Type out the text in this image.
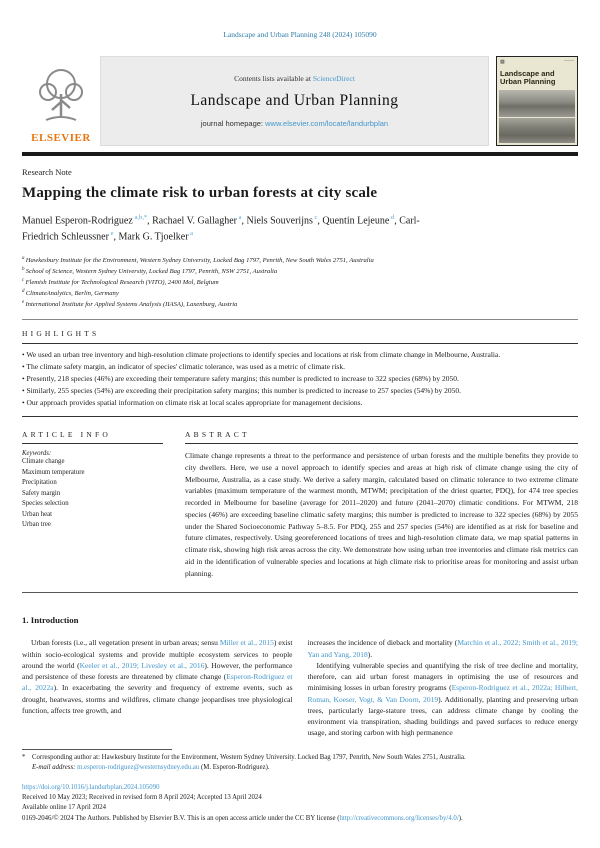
Landscape and Urban Planning 248 (2024) 105090
ELSEVIER
Contents lists available at ScienceDirect
Landscape and Urban Planning
journal homepage: www.elsevier.com/locate/landurbplan
▩	——
Landscape and
Urban Planning
Research Note
Mapping the climate risk to urban forests at city scale
Manuel Esperon-Rodriguez $^{a,b,*}$, Rachael V. Gallagher $^a$, Niels Souverijns $^c$, Quentin Lejeune $^d$, Carl-Friedrich Schleussner $^e$, Mark G. Tjoelker $^a$
$^a$ Hawkesbury Institute for the Environment, Western Sydney University, Locked Bag 1797, Penrith, New South Wales 2751, Australia
$^b$ School of Science, Western Sydney University, Locked Bag 1797, Penrith, NSW 2751, Australia
$^c$ Flemish Institute for Technological Research (VITO), 2400 Mol, Belgium
$^d$ ClimateAnalytics, Berlin, Germany
$^e$ International Institute for Applied Systems Analysis (IIASA), Laxenburg, Austria
HIGHLIGHTS
• We used an urban tree inventory and high-resolution climate projections to identify species and locations at risk from climate change in Melbourne, Australia.
• The climate safety margin, an indicator of species' climatic tolerance, was used as a metric of climate risk.
• Presently, 218 species (46%) are exceeding their temperature safety margins; this number is predicted to increase to 322 species (68%) by 2050.
• Similarly, 255 species (54%) are exceeding their precipitation safety margins; this number is predicted to increase to 257 species (54%) by 2050.
• Our approach provides spatial information on climate risk at local scales appropriate for management decisions.
ARTICLE INFO
Keywords:
Climate change
Maximum temperature
Precipitation
Safety margin
Species selection
Urban heat
Urban tree
ABSTRACT
Climate change represents a threat to the performance and persistence of urban forests and the multiple benefits they provide to city dwellers. Here, we use a novel approach to identify species and areas at high risk of climate change using the city of Melbourne, Australia, as a case study. We derive a safety margin, calculated based on climatic tolerance to two extreme climate variables (maximum temperature of the warmest month, MTWM; precipitation of the driest quarter, PDQ), for 474 tree species recorded in Melbourne for baseline (average for 2011–2020) and future (2041–2070) climatic conditions. For MTWM, 218 species (46%) are exceeding baseline climatic safety margins; this number is predicted to increase to 322 species (68%) by 2055 under the Shared Socioeconomic Pathway 5–8.5. For PDQ, 255 and 257 species (54%) are identified as at risk for baseline and future climates, respectively. Using georeferenced locations of trees and high-resolution climate data, we map spatial patterns in climate risk, showing high risk areas across the city. We demonstrate how using urban tree inventories and climate risk metrics can aid in the identification of vulnerable species and locations at high climate risk to prioritise areas for monitoring and assist urban planning.
1. Introduction

Urban forests (i.e., all vegetation present in urban areas; sensu Miller et al., 2015) exist within socio-ecological systems and provide multiple ecosystem services to people around the world (Keeler et al., 2019; Livesley et al., 2016). However, the performance and persistence of these forests are threatened by climate change (Esperon-Rodriguez et al., 2022a). In exacerbating the severity and frequency of extreme events, such as drought, heatwaves, storms and wildfires, climate change jeopardises tree physiological function, affects tree growth, and

increases the incidence of dieback and mortality (Marchin et al., 2022; Smith et al., 2019; Yan and Yang, 2018).

Identifying vulnerable species and quantifying the risk of tree decline and mortality, therefore, can aid urban forest managers in optimising the use of resources and minimising losses in urban forestry programs (Esperon-Rodriguez et al., 2022a; Hilbert, Roman, Koeser, Vogt, & Van Doorn, 2019). Additionally, planting and preserving urban trees, particularly large-stature trees, can address climate change by cooling the environment via transpiration, shading buildings and paved surfaces to reduce energy usage, and storing carbon with high permanence

* Corresponding author at: Hawkesbury Institute for the Environment, Western Sydney University. Locked Bag 1797, Penrith, New South Wales 2751, Australia.
E-mail address: m.esperon-rodriguez@westernsydney.edu.au (M. Esperon-Rodriguez).
https://doi.org/10.1016/j.landurbplan.2024.105090
Received 10 May 2023; Received in revised form 8 April 2024; Accepted 13 April 2024
Available online 17 April 2024
0169-2046/© 2024 The Authors. Published by Elsevier B.V. This is an open access article under the CC BY license (http://creativecommons.org/licenses/by/4.0/).
